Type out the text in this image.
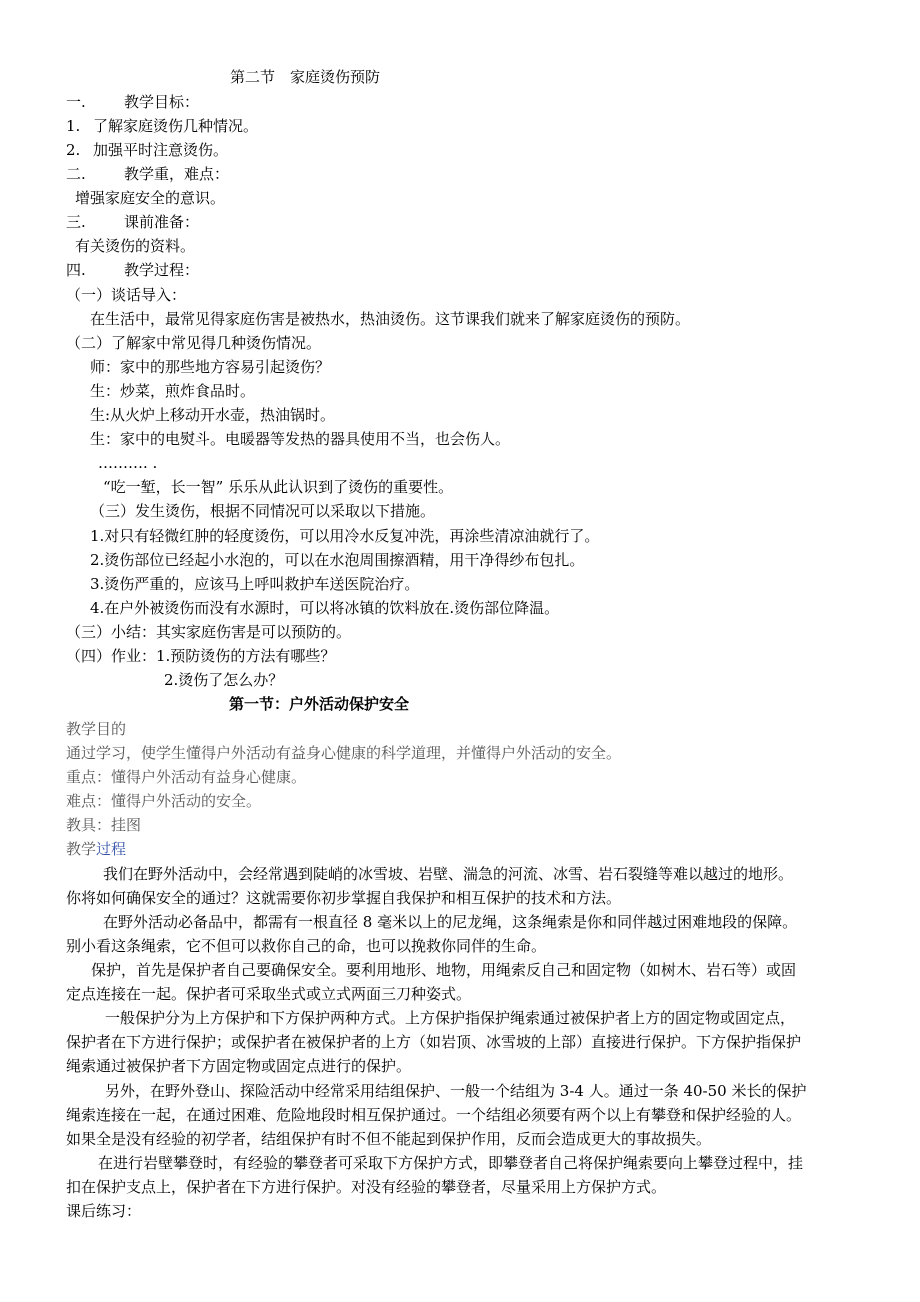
第二节　家庭烫伤预防
一.	教学目标：
1. 了解家庭烫伤几种情况。
2. 加强平时注意烫伤。
二.	教学重，难点：
增强家庭安全的意识。
三.	课前准备：
有关烫伤的资料。
四.	教学过程：
（一）谈话导入：
在生活中，最常见得家庭伤害是被热水，热油烫伤。这节课我们就来了解家庭烫伤的预防。
（二）了解家中常见得几种烫伤情况。
师：家中的那些地方容易引起烫伤？
生：炒菜，煎炸食品时。
生:从火炉上移动开水壶，热油锅时。
生：家中的电熨斗。电暖器等发热的器具使用不当，也会伤人。
………. .
“吃一堑，长一智” 乐乐从此认识到了烫伤的重要性。
（三）发生烫伤，根据不同情况可以采取以下措施。
1.对只有轻微红肿的轻度烫伤，可以用冷水反复冲洗，再涂些清凉油就行了。
2.烫伤部位已经起小水泡的，可以在水泡周围擦酒精，用干净得纱布包扎。
3.烫伤严重的，应该马上呼叫救护车送医院治疗。
4.在户外被烫伤而没有水源时，可以将冰镇的饮料放在.烫伤部位降温。
（三）小结：其实家庭伤害是可以预防的。
（四）作业：1.预防烫伤的方法有哪些？
2.烫伤了怎么办？
第一节：户外活动保护安全
教学目的
通过学习，使学生懂得户外活动有益身心健康的科学道理，并懂得户外活动的安全。
重点：懂得户外活动有益身心健康。
难点：懂得户外活动的安全。
教具：挂图
教学过程
我们在野外活动中，会经常遇到陡峭的冰雪坡、岩壁、湍急的河流、冰雪、岩石裂缝等难以越过的地形。
你将如何确保安全的通过？这就需要你初步掌握自我保护和相互保护的技术和方法。
在野外活动必备品中，都需有一根直径 8 毫米以上的尼龙绳，这条绳索是你和同伴越过困难地段的保障。
别小看这条绳索，它不但可以救你自己的命，也可以挽救你同伴的生命。
保护，首先是保护者自己要确保安全。要利用地形、地物，用绳索反自己和固定物（如树木、岩石等）或固
定点连接在一起。保护者可采取坐式或立式两面三刀种姿式。
一般保护分为上方保护和下方保护两种方式。上方保护指保护绳索通过被保护者上方的固定物或固定点，
保护者在下方进行保护；或保护者在被保护者的上方（如岩顶、冰雪坡的上部）直接进行保护。下方保护指保护
绳索通过被保护者下方固定物或固定点进行的保护。
另外，在野外登山、探险活动中经常采用结组保护、一般一个结组为 3-4 人。通过一条 40-50 米长的保护
绳索连接在一起，在通过困难、危险地段时相互保护通过。一个结组必须要有两个以上有攀登和保护经验的人。
如果全是没有经验的初学者，结组保护有时不但不能起到保护作用，反而会造成更大的事故损失。
在进行岩壁攀登时，有经验的攀登者可采取下方保护方式，即攀登者自己将保护绳索要向上攀登过程中，挂
扣在保护支点上，保护者在下方进行保护。对没有经验的攀登者，尽量采用上方保护方式。
课后练习：
